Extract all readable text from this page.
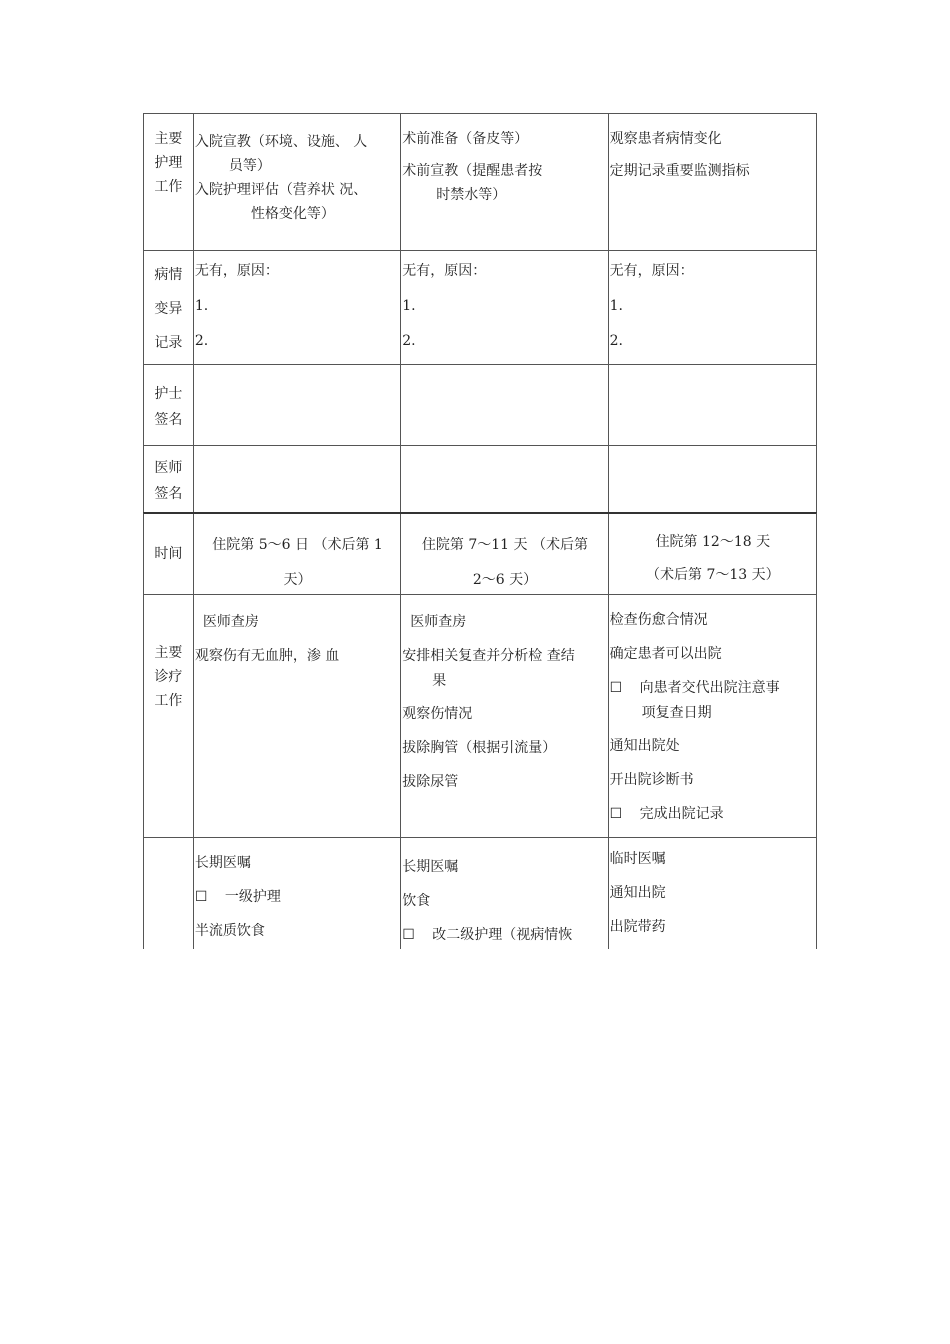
主要
护理
工作
入院宣教（环境、设施、 人
员等）
入院护理评估（营养状 况、
性格变化等）
术前准备（备皮等）
术前宣教（提醒患者按
时禁水等）
观察患者病情变化
定期记录重要监测指标
病情
变异
记录
无有，原因：
1.
2.
无有，原因：
1.
2.
无有，原因：
1.
2.
护士
签名
医师
签名
时间
住院第 5〜6 日 （术后第 1
天）
住院第 7〜11 天 （术后第
2〜6 天）
住院第 12〜18 天
（术后第 7〜13 天）
主要
诊疗
工作
医师查房
观察伤有无血肿，渗 血
医师查房
安排相关复查并分析检 查结
果
观察伤情况
拔除胸管（根据引流量）
拔除尿管
检查伤愈合情况
确定患者可以出院
☐ 向患者交代出院注意事
项复查日期
通知出院处
开出院诊断书
☐ 完成出院记录
长期医嘱
☐ 一级护理
半流质饮食
长期医嘱
饮食
☐ 改二级护理（视病情恢
临时医嘱
通知出院
出院带药
